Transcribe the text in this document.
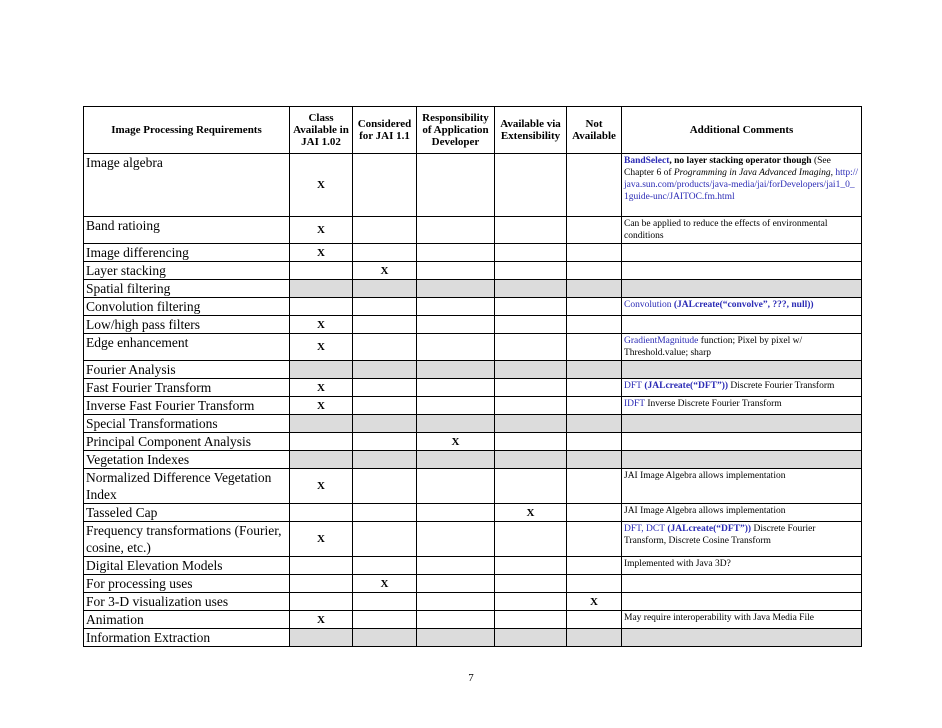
Image Processing Requirements	Class Available in JAI 1.02	Considered for JAI 1.1	Responsibility of Application Developer	Available via Extensibility	Not Available	Additional Comments
Image algebra	X					BandSelect, no layer stacking operator though (See Chapter 6 of Programming in Java Advanced Imaging, http://java.sun.com/products/java-media/jai/forDevelopers/jai1_0_1guide-unc/JAITOC.fm.html
Band ratioing	X					Can be applied to reduce the effects of environmental conditions
Image differencing	X					
Layer stacking		X				
Spatial filtering						
Convolution filtering						Convolution (JALcreate(“convolve”, ???, null))
Low/high pass filters	X					
Edge enhancement	X					GradientMagnitude function; Pixel by pixel w/ Threshold.value; sharp
Fourier Analysis						
Fast Fourier Transform	X					DFT (JALcreate(“DFT”)) Discrete Fourier Transform
Inverse Fast Fourier Transform	X					IDFT Inverse Discrete Fourier Transform
Special Transformations						
Principal Component Analysis			X			
Vegetation Indexes						
Normalized Difference Vegetation Index	X					JAI Image Algebra allows implementation
Tasseled Cap				X		JAI Image Algebra allows implementation
Frequency transformations (Fourier, cosine, etc.)	X					DFT, DCT (JALcreate(“DFT”)) Discrete Fourier Transform, Discrete Cosine Transform
Digital Elevation Models						Implemented with Java 3D?
For processing uses		X				
For 3-D visualization uses					X	
Animation	X					May require interoperability with Java Media File
Information Extraction						
7
